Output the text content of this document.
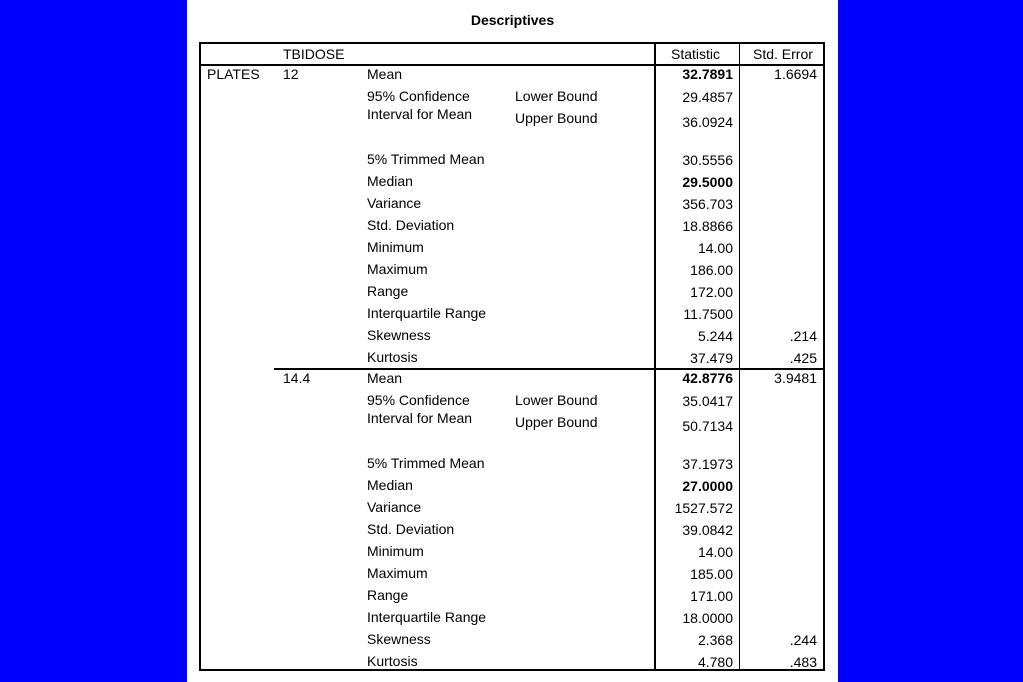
Descriptives
TBIDOSE	Statistic Std. Error
PLATES 12	Mean	32.7891	1.6694
95% Confidence	Lower Bound	29.4857
Interval for Mean	Upper Bound	36.0924
5% Trimmed Mean	30.5556
Median	29.5000
Variance	356.703
Std. Deviation	18.8866
Minimum	14.00
Maximum	186.00
Range	172.00
Interquartile Range	11.7500
Skewness	5.244	.214
Kurtosis	37.479	.425
14.4	Mean	42.8776	3.9481
95% Confidence	Lower Bound	35.0417
Interval for Mean	Upper Bound	50.7134
5% Trimmed Mean	37.1973
Median	27.0000
Variance	1527.572
Std. Deviation	39.0842
Minimum	14.00
Maximum	185.00
Range	171.00
Interquartile Range	18.0000
Skewness	2.368	.244
Kurtosis	4.780	.483
